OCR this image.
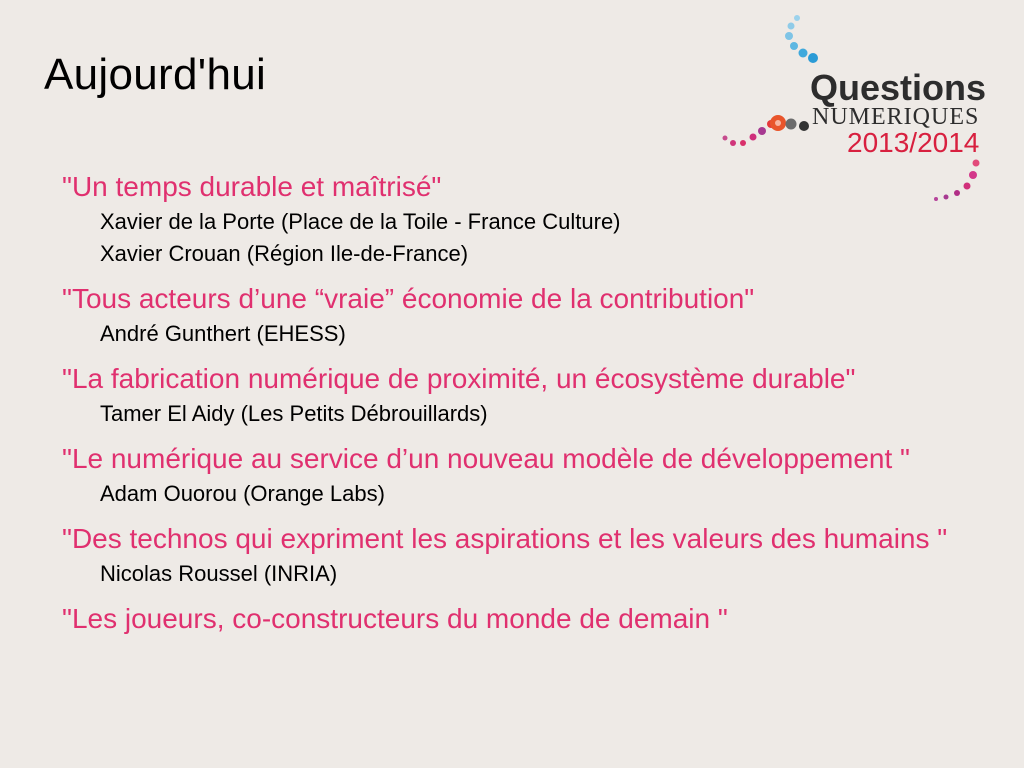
Aujourd'hui	Questions
NUMERIQUES
2013/2014
"Un temps durable et maîtrisé"
Xavier de la Porte (Place de la Toile - France Culture)
Xavier Crouan (Région Ile-de-France)
"Tous acteurs d’une “vraie” économie de la contribution"
André Gunthert (EHESS)
"La fabrication numérique de proximité, un écosystème durable"
Tamer El Aidy (Les Petits Débrouillards)
"Le numérique au service d’un nouveau modèle de développement "
Adam Ouorou (Orange Labs)
"Des technos qui expriment les aspirations et les valeurs des humains "
Nicolas Roussel (INRIA)
"Les joueurs, co-constructeurs du monde de demain "
